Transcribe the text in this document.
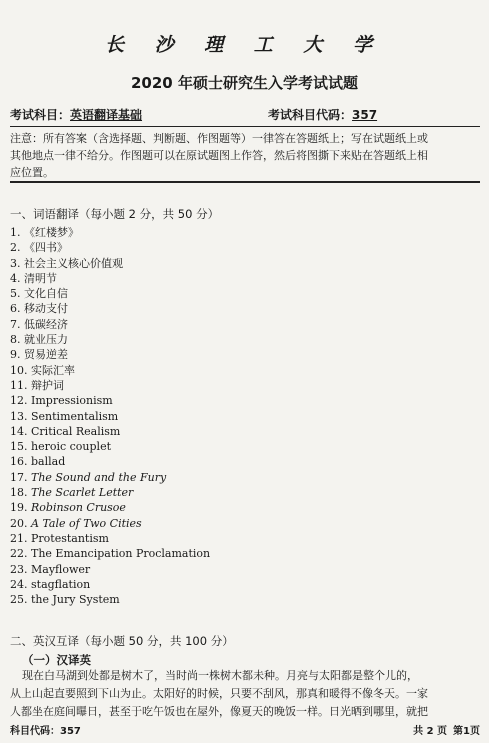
长 沙 理 工 大 学
2020 年硕士研究生入学考试试题
考试科目：英语翻译基础	考试科目代码：357

注意：所有答案（含选择题、判断题、作图题等）一律答在答题纸上；写在试题纸上或

其他地点一律不给分。作图题可以在原试题图上作答，然后将图撕下来贴在答题纸上相

应位置。

一、词语翻译（每小题 2 分，共 50 分）
1. 《红楼梦》
2. 《四书》
3. 社会主义核心价值观
4. 清明节
5. 文化自信
6. 移动支付
7. 低碳经济
8. 就业压力
9. 贸易逆差
10. 实际汇率
11. 辩护词
12. Impressionism
13. Sentimentalism
14. Critical Realism
15. heroic couplet
16. ballad
17. The Sound and the Fury
18. The Scarlet Letter
19. Robinson Crusoe
20. A Tale of Two Cities
21. Protestantism
22. The Emancipation Proclamation
23. Mayflower
24. stagflation
25. the Jury System
二、英汉互译（每小题 50 分，共 100 分）
（一）汉译英
现在白马湖到处都是树木了，当时尚一株树木都未种。月亮与太阳都是整个儿的，
从上山起直要照到下山为止。太阳好的时候，只要不刮风，那真和暖得不像冬天。一家
人都坐在庭间曝日，甚至于吃午饭也在屋外，像夏天的晚饭一样。日光晒到哪里，就把
科目代码：357	共 2 页 第1页
